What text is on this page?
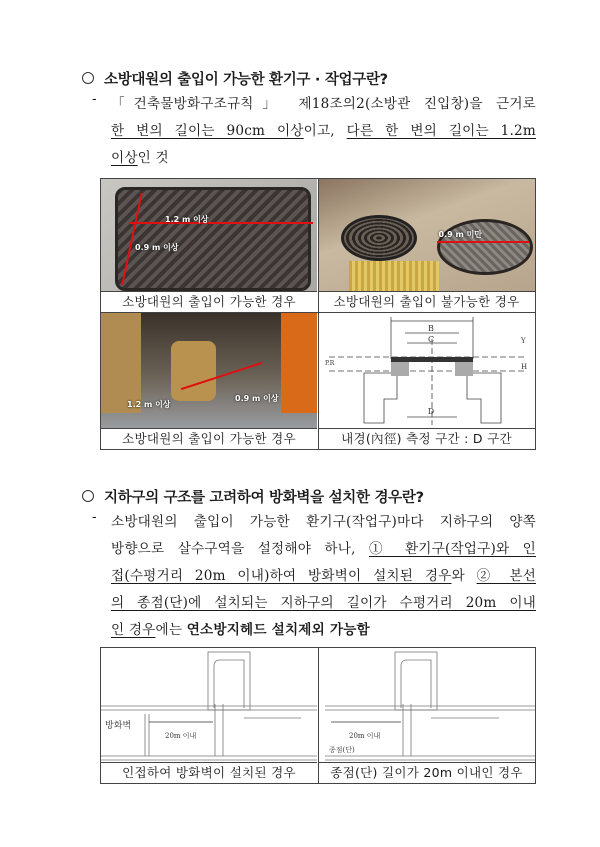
소방대원의 출입이 가능한 환기구 · 작업구란?
- 「건축물방화구조규칙」 제18조의2(소방관 진입창)을 근거로
한 변의 길이는 90cm 이상이고, 다른 한 변의 길이는 1.2m
이상인 것
1.2 m 이상
0.9 m 이상
소방대원의 출입이 가능한 경우

0.9 m 미만
소방대원의 출입이 불가능한 경우

1.2 m 이상
0.9 m 이상
소방대원의 출입이 가능한 경우

B
C
D
Y
H
P.R
내경(內徑) 측정 구간 : D 구간
지하구의 구조를 고려하여 방화벽을 설치한 경우란?
- 소방대원의 출입이 가능한 환기구(작업구)마다 지하구의 양쪽
방향으로 살수구역을 설정해야 하나, ① 환기구(작업구)와 인
접(수평거리 20m 이내)하여 방화벽이 설치된 경우와 ② 본선
의 종점(단)에 설치되는 지하구의 길이가 수평거리 20m 이내
인 경우에는 연소방지헤드 설치제외 가능함
방화벽
20m 이내
인접하여 방화벽이 설치된 경우

20m 이내
종점(단)
종점(단) 길이가 20m 이내인 경우
